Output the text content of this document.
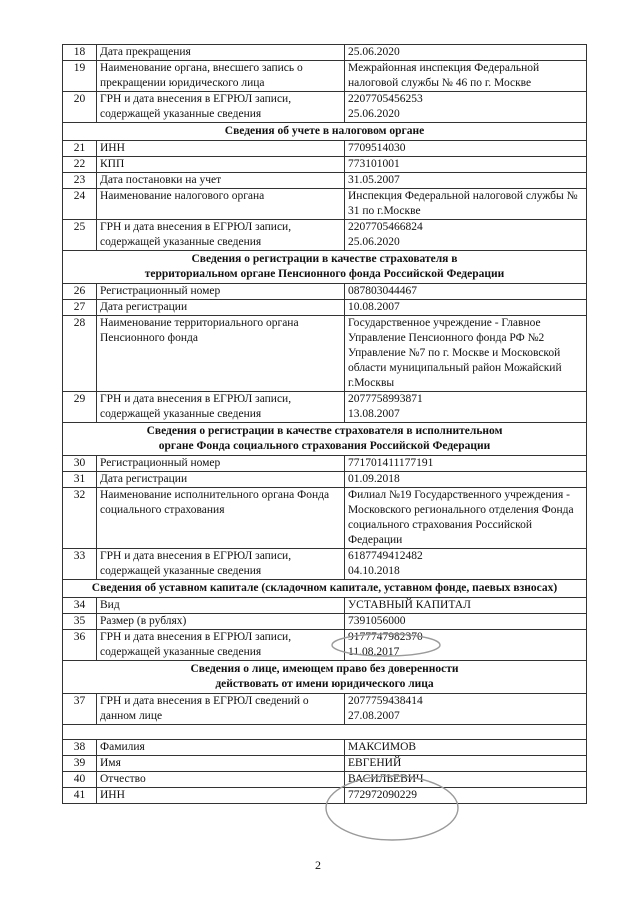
18	Дата прекращения	25.06.2020
19	Наименование органа, внесшего запись о прекращении юридического лица	Межрайонная инспекция Федеральной налоговой службы № 46 по г. Москве
20	ГРН и дата внесения в ЕГРЮЛ записи, содержащей указанные сведения	2207705456253
25.06.2020
Сведения об учете в налоговом органе		
21	ИНН	7709514030
22	КПП	773101001
23	Дата постановки на учет	31.05.2007
24	Наименование налогового органа	Инспекция Федеральной налоговой службы № 31 по г.Москве
25	ГРН и дата внесения в ЕГРЮЛ записи, содержащей указанные сведения	2207705466824
25.06.2020
Сведения о регистрации в качестве страхователя в
территориальном органе Пенсионного фонда Российской Федерации		
26	Регистрационный номер	087803044467
27	Дата регистрации	10.08.2007
28	Наименование территориального органа Пенсионного фонда	Государственное учреждение - Главное Управление Пенсионного фонда РФ №2 Управление №7 по г. Москве и Московской области муниципальный район Можайский г.Москвы
29	ГРН и дата внесения в ЕГРЮЛ записи, содержащей указанные сведения	2077758993871
13.08.2007
Сведения о регистрации в качестве страхователя в исполнительном
органе Фонда социального страхования Российской Федерации		
30	Регистрационный номер	771701411177191
31	Дата регистрации	01.09.2018
32	Наименование исполнительного органа Фонда социального страхования	Филиал №19 Государственного учреждения - Московского регионального отделения Фонда социального страхования Российской Федерации
33	ГРН и дата внесения в ЕГРЮЛ записи, содержащей указанные сведения	6187749412482
04.10.2018
Сведения об уставном капитале (складочном капитале, уставном фонде, паевых взносах)		
34	Вид	УСТАВНЫЙ КАПИТАЛ
35	Размер (в рублях)	7391056000
36	ГРН и дата внесения в ЕГРЮЛ записи, содержащей указанные сведения	9177747982370
11.08.2017
Сведения о лице, имеющем право без доверенности
действовать от имени юридического лица		
37	ГРН и дата внесения в ЕГРЮЛ сведений о данном лице	2077759438414
27.08.2007

38	Фамилия	МАКСИМОВ
39	Имя	ЕВГЕНИЙ
40	Отчество	ВАСИЛЬЕВИЧ
41	ИНН	772972090229
2
